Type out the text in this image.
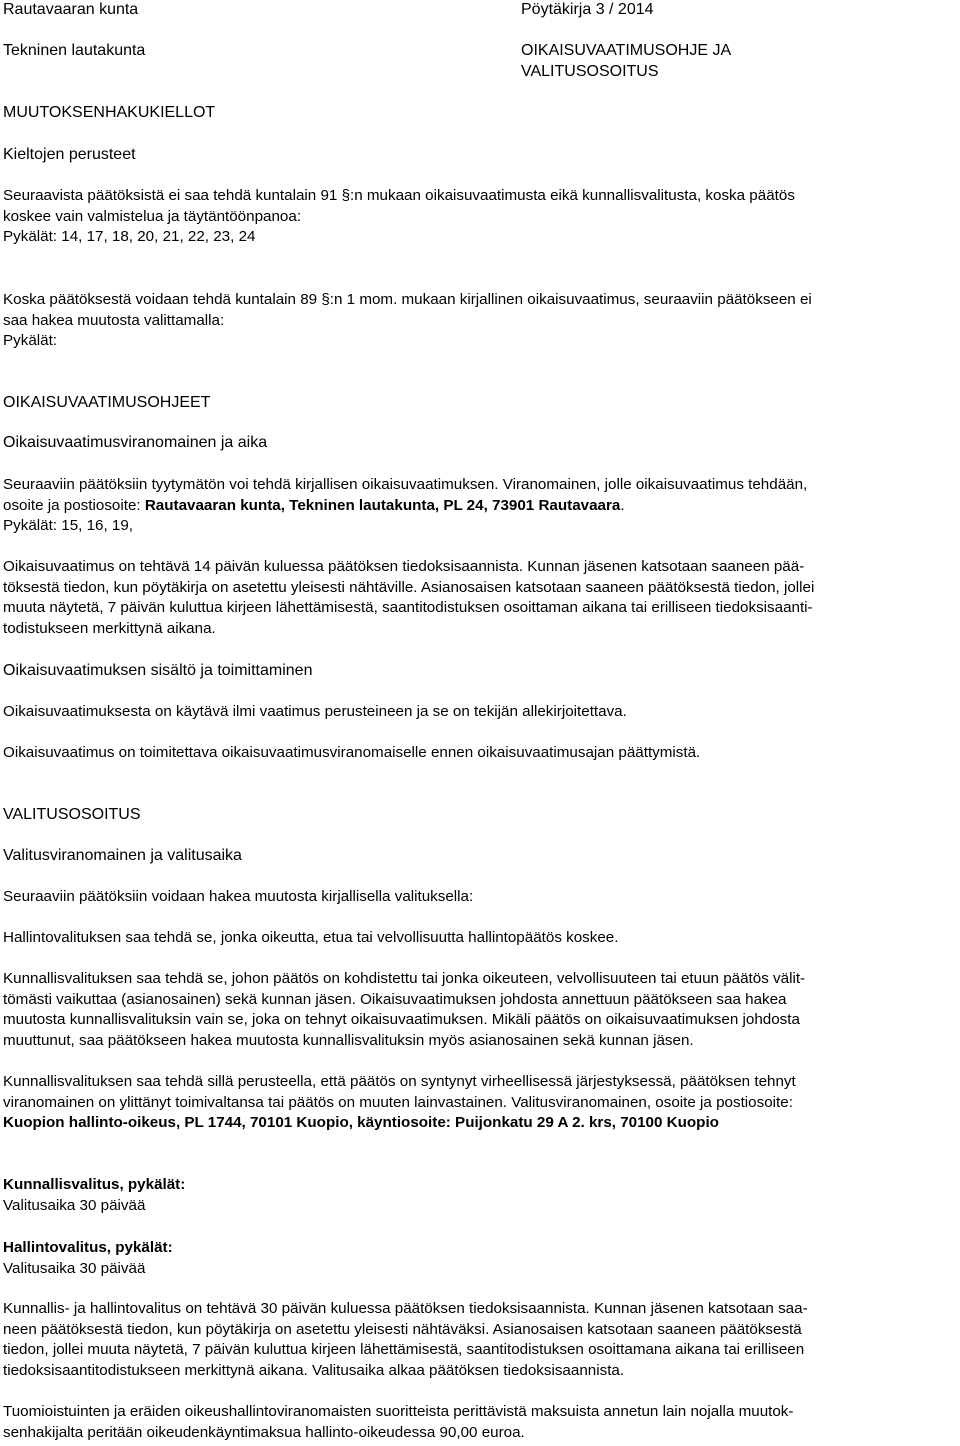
Rautavaaran kunta	Pöytäkirja 3 / 2014
Tekninen lautakunta	OIKAISUVAATIMUSOHJE JA
VALITUSOSOITUS
MUUTOKSENHAKUKIELLOT
Kieltojen perusteet

Seuraavista päätöksistä ei saa tehdä kuntalain 91 §:n mukaan oikaisuvaatimusta eikä kunnallisvalitusta, koska päätös

koskee vain valmistelua ja täytäntöönpanoa:

Pykälät: 14, 17, 18, 20, 21, 22, 23, 24

Koska päätöksestä voidaan tehdä kuntalain 89 §:n 1 mom. mukaan kirjallinen oikaisuvaatimus, seuraaviin päätökseen ei

saa hakea muutosta valittamalla:

Pykälät:

OIKAISUVAATIMUSOHJEET
Oikaisuvaatimusviranomainen ja aika

Seuraaviin päätöksiin tyytymätön voi tehdä kirjallisen oikaisuvaatimuksen. Viranomainen, jolle oikaisuvaatimus tehdään,

osoite ja postiosoite: Rautavaaran kunta, Tekninen lautakunta, PL 24, 73901 Rautavaara.

Pykälät: 15, 16, 19,

Oikaisuvaatimus on tehtävä 14 päivän kuluessa päätöksen tiedoksisaannista. Kunnan jäsenen katsotaan saaneen pää-

töksestä tiedon, kun pöytäkirja on asetettu yleisesti nähtäville. Asianosaisen katsotaan saaneen päätöksestä tiedon, jollei

muuta näytetä, 7 päivän kuluttua kirjeen lähettämisestä, saantitodistuksen osoittaman aikana tai erilliseen tiedoksisaanti-

todistukseen merkittynä aikana.

Oikaisuvaatimuksen sisältö ja toimittaminen
Oikaisuvaatimuksesta on käytävä ilmi vaatimus perusteineen ja se on tekijän allekirjoitettava.
Oikaisuvaatimus on toimitettava oikaisuvaatimusviranomaiselle ennen oikaisuvaatimusajan päättymistä.
VALITUSOSOITUS
Valitusviranomainen ja valitusaika
Seuraaviin päätöksiin voidaan hakea muutosta kirjallisella valituksella:
Hallintovalituksen saa tehdä se, jonka oikeutta, etua tai velvollisuutta hallintopäätös koskee.

Kunnallisvalituksen saa tehdä se, johon päätös on kohdistettu tai jonka oikeuteen, velvollisuuteen tai etuun päätös välit-

tömästi vaikuttaa (asianosainen) sekä kunnan jäsen. Oikaisuvaatimuksen johdosta annettuun päätökseen saa hakea

muutosta kunnallisvalituksin vain se, joka on tehnyt oikaisuvaatimuksen. Mikäli päätös on oikaisuvaatimuksen johdosta

muuttunut, saa päätökseen hakea muutosta kunnallisvalituksin myös asianosainen sekä kunnan jäsen.

Kunnallisvalituksen saa tehdä sillä perusteella, että päätös on syntynyt virheellisessä järjestyksessä, päätöksen tehnyt

viranomainen on ylittänyt toimivaltansa tai päätös on muuten lainvastainen. Valitusviranomainen, osoite ja postiosoite:

Kuopion hallinto-oikeus, PL 1744, 70101 Kuopio, käyntiosoite: Puijonkatu 29 A 2. krs, 70100 Kuopio

Kunnallisvalitus, pykälät:

Valitusaika 30 päivää

Hallintovalitus, pykälät:

Valitusaika 30 päivää

Kunnallis- ja hallintovalitus on tehtävä 30 päivän kuluessa päätöksen tiedoksisaannista. Kunnan jäsenen katsotaan saa-

neen päätöksestä tiedon, kun pöytäkirja on asetettu yleisesti nähtäväksi. Asianosaisen katsotaan saaneen päätöksestä

tiedon, jollei muuta näytetä, 7 päivän kuluttua kirjeen lähettämisestä, saantitodistuksen osoittamana aikana tai erilliseen

tiedoksisaantitodistukseen merkittynä aikana. Valitusaika alkaa päätöksen tiedoksisaannista.

Tuomioistuinten ja eräiden oikeushallintoviranomaisten suoritteista perittävistä maksuista annetun lain nojalla muutok-

senhakijalta peritään oikeudenkäyntimaksua hallinto-oikeudessa 90,00 euroa.
